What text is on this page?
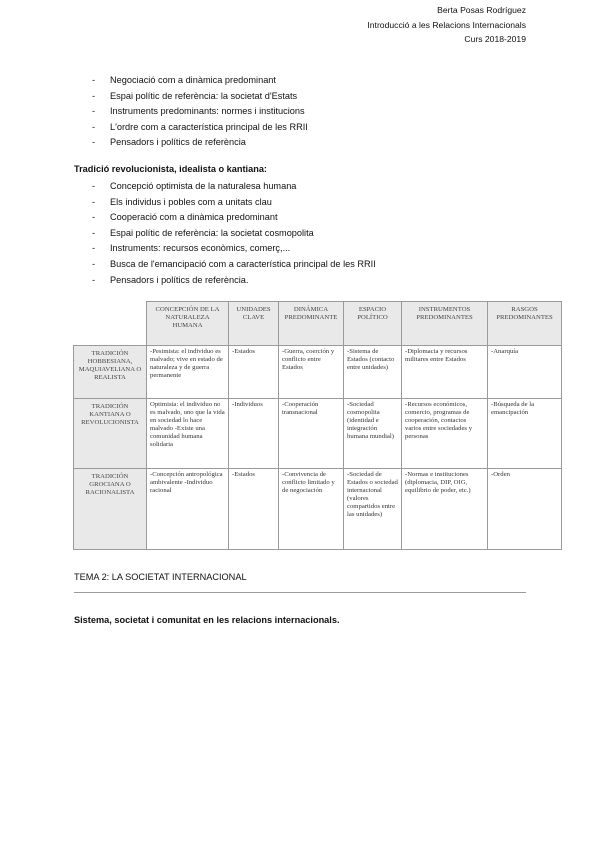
Berta Posas Rodríguez
Introducció a les Relacions Internacionals
Curs 2018-2019
- Negociació com a dinàmica predominant
- Espai polític de referència: la societat d'Estats
- Instruments predominants: normes i institucions
- L'ordre com a característica principal de les RRII
- Pensadors i polítics de referència
Tradició revolucionista, idealista o kantiana:
- Concepció optimista de la naturalesa humana
- Els individus i pobles com a unitats clau
- Cooperació com a dinàmica predominant
- Espai polític de referència: la societat cosmopolita
- Instruments: recursos econòmics, comerç,...
- Busca de l'emancipació com a característica principal de les RRII
- Pensadors i polítics de referència.
	CONCEPCIÓN DE LA NATURALEZA HUMANA	UNIDADES CLAVE	DINÁMICA PREDOMINANTE	ESPACIO POLÍTICO	INSTRUMENTOS PREDOMINANTES	RASGOS PREDOMINANTES
TRADICIÓN HOBBESIANA, MAQUIAVELIANA O REALISTA	-Pesimista: el individuo es malvado; vive en estado de naturaleza y de guerra permanente	-Estados	-Guerra, coerción y conflicto entre Estados	-Sistema de Estados (contacto entre unidades)	-Diplomacia y recursos militares entre Estados	-Anarquía
TRADICIÓN KANTIANA O REVOLUCIONISTA	Optimista: el individuo no es malvado, uno que la vida en sociedad lo hace malvado -Existe una comunidad humana solidaria	-Individuos	-Cooperación transnacional	-Sociedad cosmopolita (identidad e integración humana mundial)	-Recursos económicos, comercio, programas de cooperación, contactos varios entre sociedades y personas	-Búsqueda de la emancipación
TRADICIÓN GROCIANA O RACIONALISTA	-Concepción antropológica ambivalente -Individuo racional	-Estados	-Convivencia de conflicto limitado y de negociación	-Sociedad de Estados o sociedad internacional (valores compartidos entre las unidades)	-Normas e instituciones (diplomacia, DIP, OIG, equilibrio de poder, etc.)	-Orden
TEMA 2: LA SOCIETAT INTERNACIONAL
Sistema, societat i comunitat en les relacions internacionals.
